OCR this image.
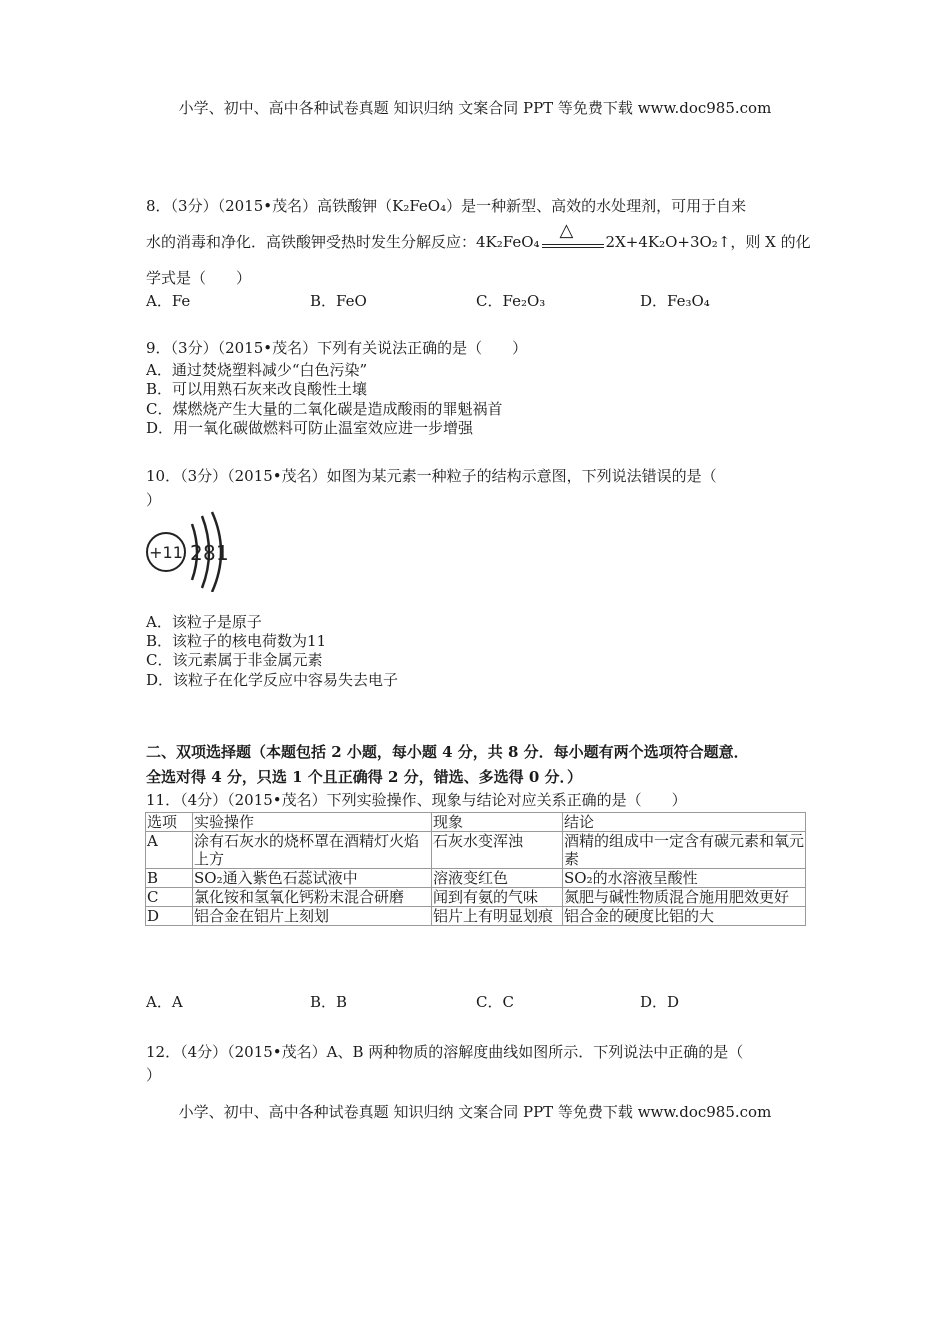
小学、初中、高中各种试卷真题 知识归纳 文案合同 PPT 等免费下载 www.doc985.com
8．（3分）（2015•茂名）高铁酸钾（K₂FeO₄）是一种新型、高效的水处理剂，可用于自来
水的消毒和净化．高铁酸钾受热时发生分解反应：4K₂FeO₄
△
2X+4K₂O+3O₂↑，则 X 的化
学式是（　　）
A．Fe	B．FeO	C．Fe₂O₃	D．Fe₃O₄
9．（3分）（2015•茂名）下列有关说法正确的是（　　）
A．通过焚烧塑料减少“白色污染”
B．可以用熟石灰来改良酸性土壤
C．煤燃烧产生大量的二氧化碳是造成酸雨的罪魁祸首
D．用一氧化碳做燃料可防止温室效应进一步增强
10．（3分）（2015•茂名）如图为某元素一种粒子的结构示意图，下列说法错误的是（
）
+11 2 8 1
A．该粒子是原子
B．该粒子的核电荷数为11
C．该元素属于非金属元素
D．该粒子在化学反应中容易失去电子
二、双项选择题（本题包括 2 小题，每小题 4 分，共 8 分．每小题有两个选项符合题意．
全选对得 4 分，只选 1 个且正确得 2 分，错选、多选得 0 分．）
11．（4分）（2015•茂名）下列实验操作、现象与结论对应关系正确的是（　　）
选项	实验操作	现象	结论
A	涂有石灰水的烧杯罩在酒精灯火焰上方	石灰水变浑浊	酒精的组成中一定含有碳元素和氧元素
B	SO₂通入紫色石蕊试液中	溶液变红色	SO₂的水溶液呈酸性
C	氯化铵和氢氧化钙粉末混合研磨	闻到有氨的气味	氮肥与碱性物质混合施用肥效更好
D	铝合金在铝片上刻划	铝片上有明显划痕	铝合金的硬度比铝的大
A．A	B．B	C．C	D．D
12．（4分）（2015•茂名）A、B 两种物质的溶解度曲线如图所示．下列说法中正确的是（
）
小学、初中、高中各种试卷真题 知识归纳 文案合同 PPT 等免费下载 www.doc985.com
